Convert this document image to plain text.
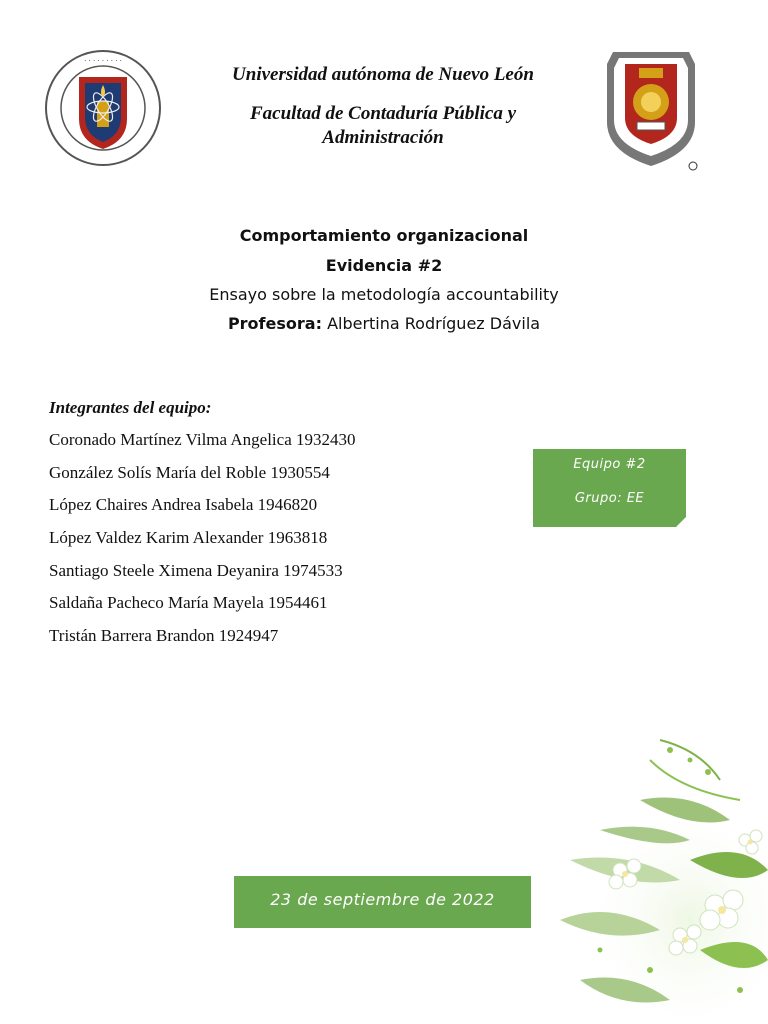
· · · · · · · · ·
Universidad autónoma de Nuevo León
Facultad de Contaduría Pública y
Administración
Comportamiento organizacional
Evidencia #2
Ensayo sobre la metodología accountability
Profesora: Albertina Rodríguez Dávila
Integrantes del equipo:
Coronado Martínez Vilma Angelica 1932430
González Solís María del Roble 1930554
López Chaires Andrea Isabela 1946820
López Valdez Karim Alexander 1963818
Santiago Steele Ximena Deyanira 1974533
Saldaña Pacheco María Mayela 1954461
Tristán Barrera Brandon 1924947
Equipo #2
Grupo: EE
23 de septiembre de 2022
